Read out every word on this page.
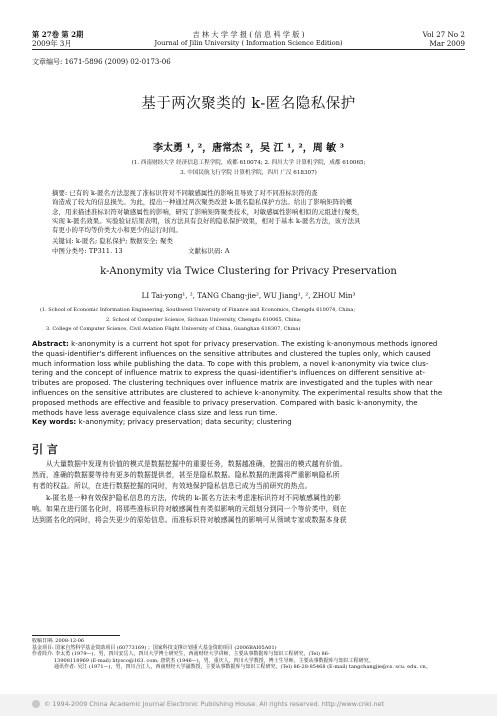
第 27卷 第 2期
2009年 3月
吉 林 大 学 学 报 ( 信 息 科 学 版 )
Journal of Jilin University ( Information Science Edition)
Vol 27 No 2
Mar 2009
文章编号: 1671-5896 (2009) 02-0173-06
基于两次聚类的 k-匿名隐私保护
李太勇 ¹, ²，唐常杰 ²，吴 江 ¹, ²，周 敏 ³
(1. 西南财经大学 经济信息工程学院，成都 610074; 2. 四川大学 计算机学院，成都 610065;
3. 中国民航飞行学院 计算机学院，四川 广汉 618307)
摘要: 已有的 k-匿名方法忽视了准标识符对不同敏感属性的影响且导致了对不同准标识符的查
询造成了较大的信息损失。为此，提出一种通过两次聚类改进 k-匿名隐私保护方法。给出了影响矩阵的概
念，用来描述准标识符对敏感属性的影响，研究了影响矩阵聚类技术，对敏感属性影响相似的元组进行聚类，
实现 k-匿名效果。实验验证结果表明，该方法具有良好的隐私保护效果，相对于基本 k-匿名方法，该方法具
有更小的平均等价类大小和更少的运行时间。
关键词: k-匿名; 隐私保护; 数据安全; 聚类
中图分类号: TP311. 13	文献标识码: A
k-Anonymity via Twice Clustering for Privacy Preservation
LI Tai-yong¹, ², TANG Chang-jie², WU Jiang¹, ², ZHOU Min³
(1. School of Economic Information Engineering, Southwest University of Finance and Economics, Chengdu 610074, China;
2. School of Computer Science, Sichuan University, Chengdu 610065, China;
3. College of Computer Science, Civil Aviation Flight University of China, Guanghan 618307, China)
Abstract: k-anonymity is a current hot spot for privacy preservation. The existing k-anonymous methods ignored
the quasi-identifier's different influences on the sensitive attributes and clustered the tuples only, which caused
much information loss while publishing the data. To cope with this problem, a novel k-anonymity via twice clus-
tering and the concept of influence matrix to express the quasi-identifier's influences on different sensitive at-
tributes are proposed. The clustering techniques over influence matrix are investigated and the tuples with near
influences on the sensitive attributes are clustered to achieve k-anonymity. The experimental results show that the
proposed methods are effective and feasible to privacy preservation. Compared with basic k-anonymity, the
methods have less average equivalence class size and less run time.
Key words: k-anonymity; privacy preservation; data security; clustering
引 言
从大量数据中发现有价值的模式是数据挖掘中的重要任务，数据越准确，挖掘出的模式越有价值。
然而，准确的数据要等待有更多的数据提供者，甚至是隐私数据。隐私数据的泄露将严重影响隐私所
有者的权益。所以，在进行数据挖掘的同时，有效地保护隐私信息已成为当前研究的热点。
k-匿名是一种有效保护隐私信息的方法，传统的 k-匿名方法未考虑准标识符对不同敏感属性的影
响。如果在进行匿名化时，将那些准标识符对敏感属性有类似影响的元组划分到同一个等价类中，则在
达到匿名化的同时，将会失更少的原始信息。而准标识符对敏感属性的影响可从领域专家或数据本身获
收稿日期: 2008-12-06
基金项目: 国家自然科学基金资助项目 (60773169) ；国家科技支撑计划重大基金资助项目 (2006BAI05A01)
作者简介: 李太勇 (1979—)，男，四川安岳人，四川大学博士研究生，西南财经大学讲师，主要从事数据库与知识工程研究，(Tel) 86-
13908118969 (E-mail) litysco@163. com; 唐常杰 (1946—)，男，重庆人，四川大学教授，博士生导师，主要从事数据库与知识工程研究。
通讯作者: 吴江 (1971—)，男，四川合江人，西南财经大学副教授，主要从事数据库与知识工程研究，(Tel) 86-28-85468 (E-mail) tangchangjie@cs. scu. edu. cn。
© 1994-2009 China Academic Journal Electronic Publishing House. All rights reserved. http://www.cnki.net
